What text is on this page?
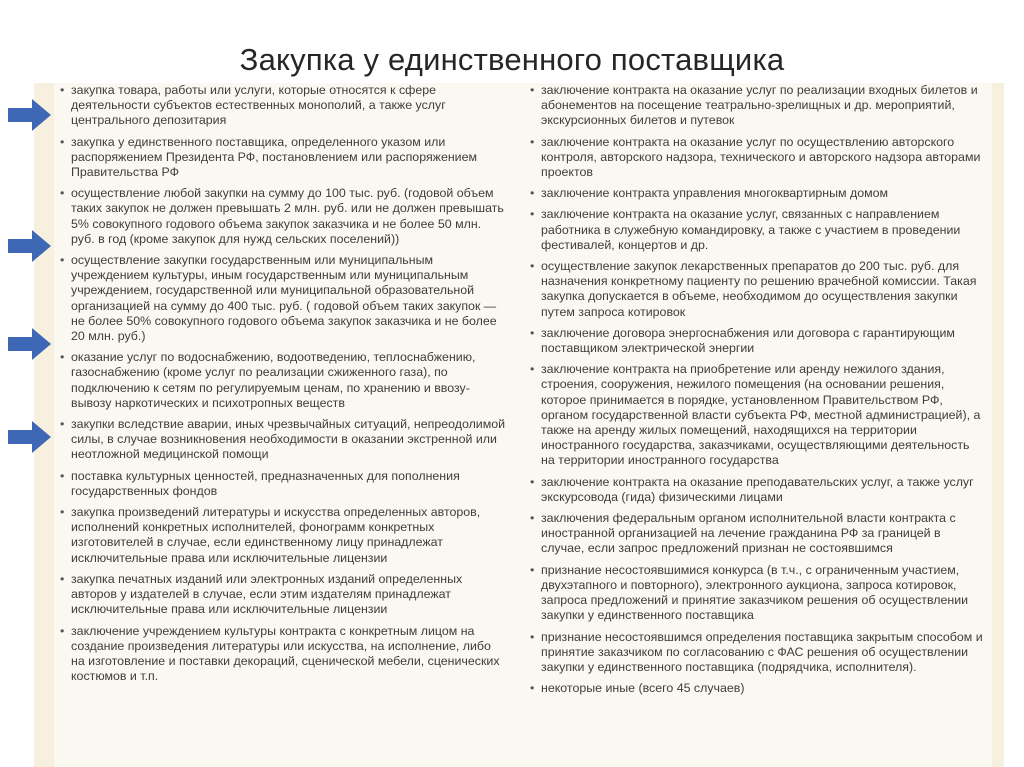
Закупка у единственного поставщика
• закупка товара, работы или услуги, которые относятся к сфере деятельности субъектов естественных монополий, а также услуг центрального депозитария
• закупка у единственного поставщика, определенного указом или распоряжением Президента РФ, постановлением или распоряжением Правительства РФ
• осуществление любой закупки на сумму до 100 тыс. руб. (годовой объем таких закупок не должен превышать 2 млн. руб. или не должен превышать 5% совокупного годового объема закупок заказчика и не более 50 млн. руб. в год (кроме закупок для нужд сельских поселений))
• осуществление закупки государственным или муниципальным учреждением культуры, иным государственным или муниципальным учреждением, государственной или муниципальной образовательной организацией на сумму до 400 тыс. руб. ( годовой объем таких закупок — не более 50% совокупного годового объема закупок заказчика и не более 20 млн. руб.)
• оказание услуг по водоснабжению, водоотведению, теплоснабжению, газоснабжению (кроме услуг по реализации сжиженного газа), по подключению к сетям по регулируемым ценам, по хранению и ввозу-вывозу наркотических и психотропных веществ
• закупки вследствие аварии, иных чрезвычайных ситуаций, непреодолимой силы, в случае возникновения необходимости в оказании экстренной или неотложной медицинской помощи
• поставка культурных ценностей, предназначенных для пополнения государственных фондов
• закупка произведений литературы и искусства определенных авторов, исполнений конкретных исполнителей, фонограмм конкретных изготовителей в случае, если единственному лицу принадлежат исключительные права или исключительные лицензии
• закупка печатных изданий или электронных изданий определенных авторов у издателей в случае, если этим издателям принадлежат исключительные права или исключительные лицензии
• заключение учреждением культуры контракта с конкретным лицом на создание произведения литературы или искусства, на исполнение, либо на изготовление и поставки декораций, сценической мебели, сценических костюмов и т.п.
• заключение контракта на оказание услуг по реализации входных билетов и абонементов на посещение театрально-зрелищных и др. мероприятий, экскурсионных билетов и путевок
• заключение контракта на оказание услуг по осуществлению авторского контроля, авторского надзора, технического и авторского надзора авторами проектов
• заключение контракта управления многоквартирным домом
• заключение контракта на оказание услуг, связанных с направлением работника в служебную командировку, а также с участием в проведении фестивалей, концертов и др.
• осуществление закупок лекарственных препаратов до 200 тыс. руб. для назначения конкретному пациенту по решению врачебной комиссии. Такая закупка допускается в объеме, необходимом до осуществления закупки путем запроса котировок
• заключение договора энергоснабжения или договора с гарантирующим поставщиком электрической энергии
• заключение контракта на приобретение или аренду нежилого здания, строения, сооружения, нежилого помещения (на основании решения, которое принимается в порядке, установленном Правительством РФ, органом государственной власти субъекта РФ, местной администрацией), а также на аренду жилых помещений, находящихся на территории иностранного государства, заказчиками, осуществляющими деятельность на территории иностранного государства
• заключение контракта на оказание преподавательских услуг, а также услуг экскурсовода (гида) физическими лицами
• заключения федеральным органом исполнительной власти контракта с иностранной организацией на лечение гражданина РФ за границей в случае, если запрос предложений признан не состоявшимся
• признание несостоявшимися конкурса (в т.ч., с ограниченным участием, двухэтапного и повторного), электронного аукциона, запроса котировок, запроса предложений и принятие заказчиком решения об осуществлении закупки у единственного поставщика
• признание несостоявшимся определения поставщика закрытым способом и принятие заказчиком по согласованию с ФАС решения об осуществлении закупки у единственного поставщика (подрядчика, исполнителя).
• некоторые иные (всего 45 случаев)
